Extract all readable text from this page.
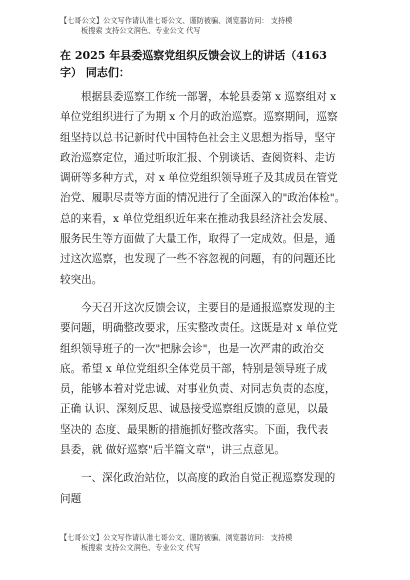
【七哥公文】公文写作请认准七哥公文、谨防被骗、浏览器访问： 支持模
板搜索 支持公文润色、专业公文 代写
在 2025 年县委巡察党组织反馈会议上的讲话（4163
字） 同志们：

根据县委巡察工作统一部署，本轮县委第 x 巡察组对 x
单位党组织进行了为期 x 个月的政治巡察。巡察期间，巡察
组坚持以总书记新时代中国特色社会主义思想为指导，坚守
政治巡察定位，通过听取汇报、个别谈话、查阅资料、走访
调研等多种方式，对 x 单位党组织领导班子及其成员在管党
治党、履职尽责等方面的情况进行了全面深入的"政治体检"。
总的来看，x 单位党组织近年来在推动我县经济社会发展、
服务民生等方面做了大量工作，取得了一定成效。但是，通
过这次巡察，也发现了一些不容忽视的问题，有的问题还比
较突出。

今天召开这次反馈会议，主要目的是通报巡察发现的主
要问题，明确整改要求，压实整改责任。这既是对 x 单位党
组织领导班子的一次"把脉会诊"，也是一次严肃的政治交
底。希望 x 单位党组织全体党员干部，特别是领导班子成
员，能够本着对党忠诚、对事业负责、对同志负责的态度，
正确 认识、深刻反思、诚恳接受巡察组反馈的意见，以最
坚决的 态度、最果断的措施抓好整改落实。下面，我代表
县委，就 做好巡察"后半篇文章"，讲三点意见。

一、深化政治站位，以高度的政治自觉正视巡察发现的
问题

【七哥公文】公文写作请认准七哥公文、谨防被骗、浏览器访问： 支持模
板搜索 支持公文润色、专业公文 代写
